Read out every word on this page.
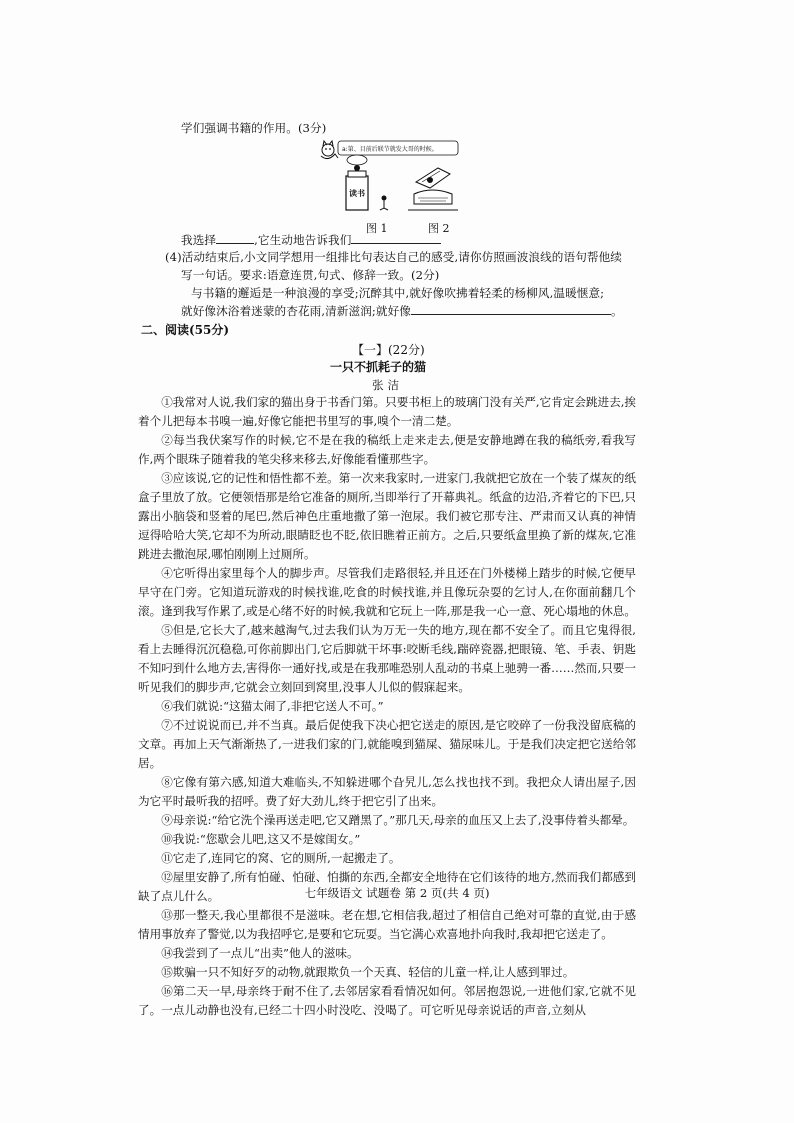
学们强调书籍的作用。(3分)
a:第、目前后联节就发大哥的时候。
读书
图 1	图 2
我选择	,它生动地告诉我们
(4)活动结束后,小文同学想用一组排比句表达自己的感受,请你仿照画波浪线的语句帮他续
写一句话。要求:语意连贯,句式、修辞一致。(2分)
与书籍的邂逅是一种浪漫的享受;沉醉其中,就好像吹拂着轻柔的杨柳风,温暖惬意;
就好像沐浴着迷蒙的杏花雨,清新滋润;就好像	。
二、阅读(55分)
【一】(22分)
一只不抓耗子的猫
张 洁

①我常对人说,我们家的猫出身于书香门第。只要书柜上的玻璃门没有关严,它肯定会跳进去,挨着个儿把每本书嗅一遍,好像它能把书里写的事,嗅个一清二楚。

②每当我伏案写作的时候,它不是在我的稿纸上走来走去,便是安静地蹲在我的稿纸旁,看我写作,两个眼珠子随着我的笔尖移来移去,好像能看懂那些字。

③应该说,它的记性和悟性都不差。第一次来我家时,一进家门,我就把它放在一个装了煤灰的纸盒子里放了放。它便领悟那是给它准备的厕所,当即举行了开幕典礼。纸盒的边沿,齐着它的下巴,只露出小脑袋和竖着的尾巴,然后神色庄重地撒了第一泡尿。我们被它那专注、严肃而又认真的神情逗得哈哈大笑,它却不为所动,眼睛眨也不眨,依旧瞧着正前方。之后,只要纸盒里换了新的煤灰,它准跳进去撒泡尿,哪怕刚刚上过厕所。

④它听得出家里每个人的脚步声。尽管我们走路很轻,并且还在门外楼梯上踏步的时候,它便早早守在门旁。它知道玩游戏的时候找谁,吃食的时候找谁,并且像玩杂耍的乞讨人,在你面前翻几个滚。逢到我写作累了,或是心绪不好的时候,我就和它玩上一阵,那是我一心一意、死心塌地的休息。

⑤但是,它长大了,越来越淘气,过去我们认为万无一失的地方,现在都不安全了。而且它鬼得很,看上去睡得沉沉稳稳,可你前脚出门,它后脚就干坏事:咬断毛线,踹碎瓷器,把眼镜、笔、手表、钥匙不知叼到什么地方去,害得你一通好找,或是在我那唯恐别人乱动的书桌上驰骋一番……然而,只要一听见我们的脚步声,它就会立刻回到窝里,没事人儿似的假寐起来。

⑥我们就说:“这猫太闹了,非把它送人不可。”

⑦不过说说而已,并不当真。最后促使我下决心把它送走的原因,是它咬碎了一份我没留底稿的文章。再加上天气渐渐热了,一进我们家的门,就能嗅到猫屎、猫尿味儿。于是我们决定把它送给邻居。

⑧它像有第六感,知道大难临头,不知躲进哪个旮旯儿,怎么找也找不到。我把众人请出屋子,因为它平时最听我的招呼。费了好大劲儿,终于把它引了出来。

⑨母亲说:“给它洗个澡再送走吧,它又蹭黑了。”那几天,母亲的血压又上去了,没事侍着头都晕。

⑩我说:“您歇会儿吧,这又不是嫁闺女。”

⑪它走了,连同它的窝、它的厕所,一起搬走了。

⑫屋里安静了,所有怕碰、怕碰、怕撕的东西,全都安全地待在它们该待的地方,然而我们都感到缺了点儿什么。

⑬那一整天,我心里都很不是滋味。老在想,它相信我,超过了相信自己绝对可靠的直觉,由于感情用事放弃了警觉,以为我招呼它,是要和它玩耍。当它满心欢喜地扑向我时,我却把它送走了。

⑭我尝到了一点儿“出卖”他人的滋味。

⑮欺骗一只不知好歹的动物,就跟欺负一个天真、轻信的儿童一样,让人感到罪过。

⑯第二天一早,母亲终于耐不住了,去邻居家看看情况如何。邻居抱怨说,一进他们家,它就不见了。一点儿动静也没有,已经二十四小时没吃、没喝了。可它听见母亲说话的声音,立刻从

七年级语文 试题卷 第 2 页(共 4 页)
